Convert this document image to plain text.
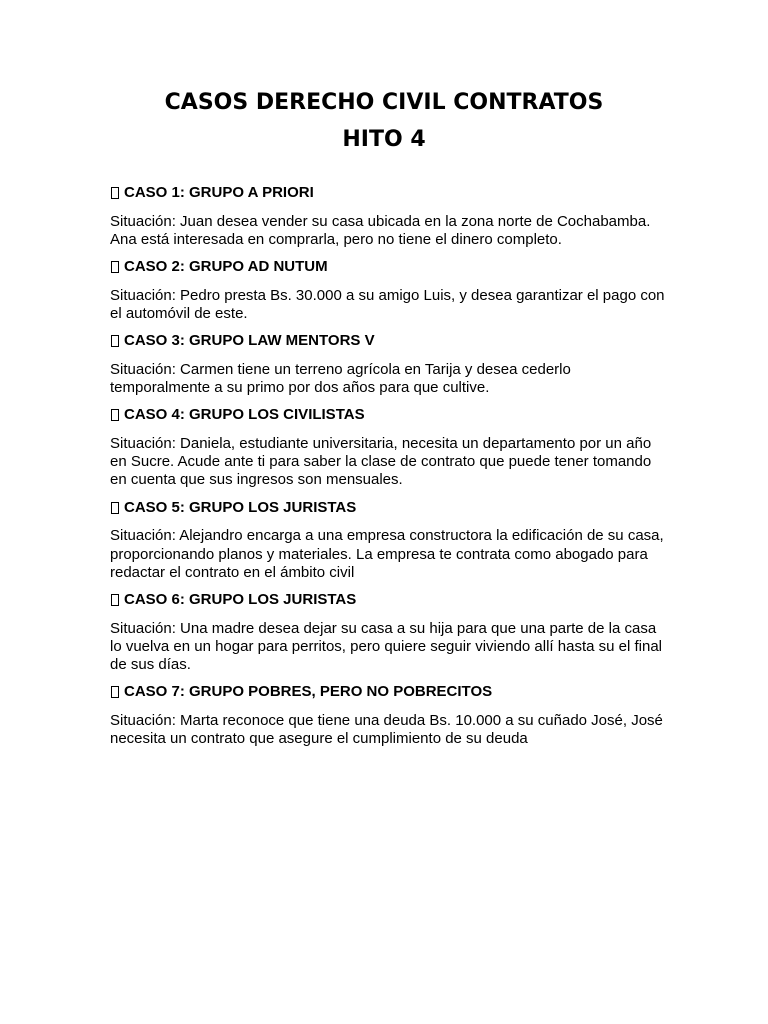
CASOS DERECHO CIVIL CONTRATOS
HITO 4
CASO 1: GRUPO A PRIORI

Situación: Juan desea vender su casa ubicada en la zona norte de Cochabamba. Ana está interesada en comprarla, pero no tiene el dinero completo.

CASO 2: GRUPO AD NUTUM

Situación: Pedro presta Bs. 30.000 a su amigo Luis, y desea garantizar el pago con el automóvil de este.

CASO 3: GRUPO LAW MENTORS V

Situación: Carmen tiene un terreno agrícola en Tarija y desea cederlo temporalmente a su primo por dos años para que cultive.

CASO 4: GRUPO LOS CIVILISTAS

Situación: Daniela, estudiante universitaria, necesita un departamento por un año en Sucre. Acude ante ti para saber la clase de contrato que puede tener tomando en cuenta que sus ingresos son mensuales.

CASO 5: GRUPO LOS JURISTAS

Situación: Alejandro encarga a una empresa constructora la edificación de su casa, proporcionando planos y materiales. La empresa te contrata como abogado para redactar el contrato en el ámbito civil

CASO 6: GRUPO LOS JURISTAS

Situación: Una madre desea dejar su casa a su hija para que una parte de la casa lo vuelva en un hogar para perritos, pero quiere seguir viviendo allí hasta su el final de sus días.

CASO 7: GRUPO POBRES, PERO NO POBRECITOS

Situación: Marta reconoce que tiene una deuda Bs. 10.000 a su cuñado José, José necesita un contrato que asegure el cumplimiento de su deuda
